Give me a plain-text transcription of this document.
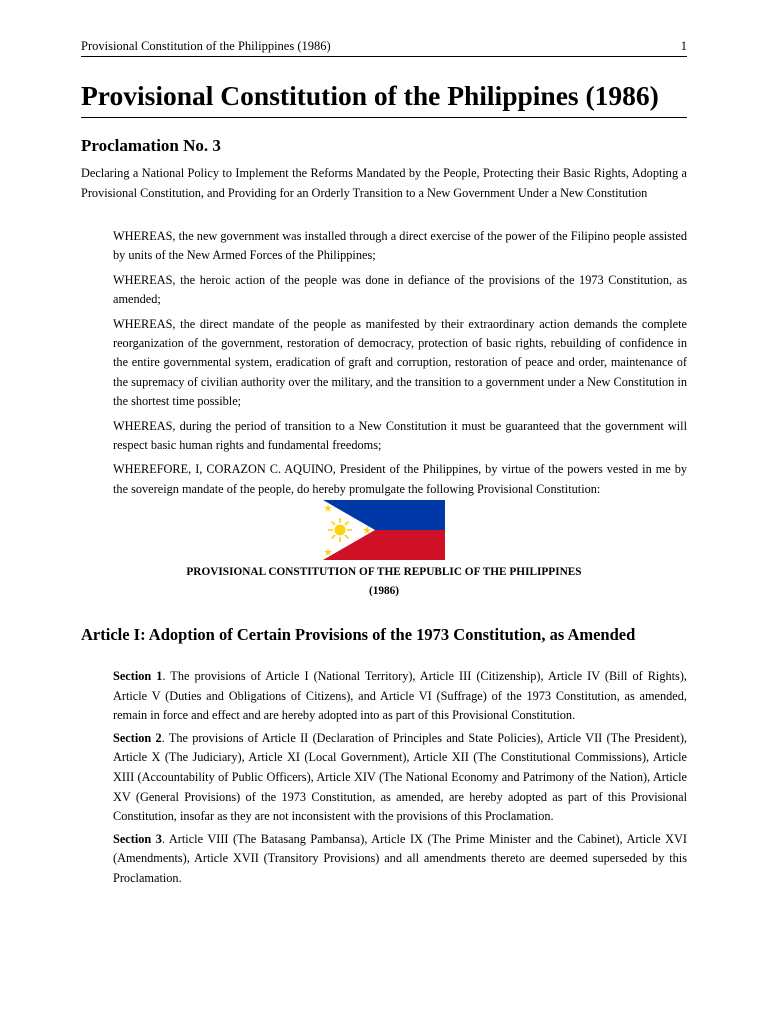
Provisional Constitution of the Philippines (1986)	1
Provisional Constitution of the Philippines (1986)
Proclamation No. 3
Declaring a National Policy to Implement the Reforms Mandated by the People, Protecting their Basic Rights, Adopting a Provisional Constitution, and Providing for an Orderly Transition to a New Government Under a New Constitution

WHEREAS, the new government was installed through a direct exercise of the power of the Filipino people assisted by units of the New Armed Forces of the Philippines;

WHEREAS, the heroic action of the people was done in defiance of the provisions of the 1973 Constitution, as amended;

WHEREAS, the direct mandate of the people as manifested by their extraordinary action demands the complete reorganization of the government, restoration of democracy, protection of basic rights, rebuilding of confidence in the entire governmental system, eradication of graft and corruption, restoration of peace and order, maintenance of the supremacy of civilian authority over the military, and the transition to a government under a New Constitution in the shortest time possible;

WHEREAS, during the period of transition to a New Constitution it must be guaranteed that the government will respect basic human rights and fundamental freedoms;

WHEREFORE, I, CORAZON C. AQUINO, President of the Philippines, by virtue of the powers vested in me by the sovereign mandate of the people, do hereby promulgate the following Provisional Constitution:

PROVISIONAL CONSTITUTION OF THE REPUBLIC OF THE PHILIPPINES
(1986)
Article I: Adoption of Certain Provisions of the 1973 Constitution, as Amended

Section 1. The provisions of Article I (National Territory), Article III (Citizenship), Article IV (Bill of Rights), Article V (Duties and Obligations of Citizens), and Article VI (Suffrage) of the 1973 Constitution, as amended, remain in force and effect and are hereby adopted into as part of this Provisional Constitution.

Section 2. The provisions of Article II (Declaration of Principles and State Policies), Article VII (The President), Article X (The Judiciary), Article XI (Local Government), Article XII (The Constitutional Commissions), Article XIII (Accountability of Public Officers), Article XIV (The National Economy and Patrimony of the Nation), Article XV (General Provisions) of the 1973 Constitution, as amended, are hereby adopted as part of this Provisional Constitution, insofar as they are not inconsistent with the provisions of this Proclamation.

Section 3. Article VIII (The Batasang Pambansa), Article IX (The Prime Minister and the Cabinet), Article XVI (Amendments), Article XVII (Transitory Provisions) and all amendments thereto are deemed superseded by this Proclamation.
